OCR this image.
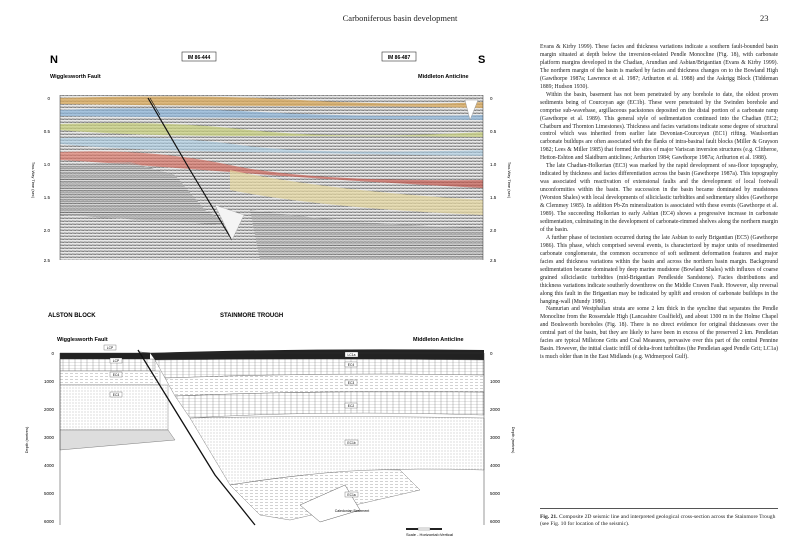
Carboniferous basin development	23
N	S
IM 86-444	IM 86-487
Wigglesworth Fault	Middleton Anticline
0
0.5
1.0
1.5
2.0
2.5
Two-Way Time (sec)
0
0.5
1.0
1.5
2.0
2.5
Two-Way Time (sec)
ALSTON BLOCK	STAINMORE TROUGH
Wigglesworth Fault	Middleton Anticline
LCP
LC1a
EC4
EC3
EC2
EC1b
EC1a
LCP
EC4
EC3
Caledonian Basement
0
1000
2000
3000
4000
5000
6000
Depth (metres)
0
1000
2000
3000
4000
5000
6000
Depth (metres)
Scale - Horizontal=Vertical

Evans & Kirby 1999). These facies and thickness variations indicate a southern fault-bounded basin margin situated at depth below the inversion-related Pendle Monocline (Fig. 18), with carbonate platform margins developed in the Chadian, Arundian and Asbian/Brigantian (Evans & Kirby 1999). The northern margin of the basin is marked by facies and thickness changes on to the Bowland High (Gawthorpe 1987a; Lawrence et al. 1987; Arthurton et al. 1988) and the Askrigg Block (Tiddeman 1889; Hudson 1930).

Within the basin, basement has not been penetrated by any borehole to date, the oldest proven sediments being of Courceyan age (EC1b). These were penetrated by the Swinden borehole and comprise sub-wavebase, argillaceous packstones deposited on the distal portion of a carbonate ramp (Gawthorpe et al. 1989). This general style of sedimentation continued into the Chadian (EC2; Chatburn and Thornton Limestones). Thickness and facies variations indicate some degree of structural control which was inherited from earlier late Devonian-Courceyan (EC1) rifting. Waulsortian carbonate buildups are often associated with the flanks of intra-basinal fault blocks (Miller & Grayson 1982; Lees & Miller 1985) that formed the sites of major Variscan inversion structures (e.g. Clitheroe, Hetton-Eshton and Slaidburn anticlines; Arthurton 1984; Gawthorpe 1987a; Arthurton et al. 1988).

The late Chadian-Holkerian (EC3) was marked by the rapid development of sea-floor topography, indicated by thickness and facies differentiation across the basin (Gawthorpe 1987a). This topography was associated with reactivation of extensional faults and the development of local footwall unconformities within the basin. The succession in the basin became dominated by mudstones (Worston Shales) with local developments of siliciclastic turbidites and sedimentary slides (Gawthorpe & Clemmey 1985). In addition Pb-Zn mineralization is associated with these events (Gawthorpe et al. 1989). The succeeding Holkerian to early Asbian (EC4) shows a progressive increase in carbonate sedimentation, culminating in the development of carbonate-rimmed shelves along the northern margin of the basin.

A further phase of tectonism occurred during the late Asbian to early Brigantian (EC5) (Gawthorpe 1986). This phase, which comprised several events, is characterized by major units of resedimented carbonate conglomerate, the common occurrence of soft sediment deformation features and major facies and thickness variations within the basin and across the northern basin margin. Background sedimentation became dominated by deep marine mudstone (Bowland Shales) with influxes of coarse grained siliciclastic turbidites (mid-Brigantian Pendleside Sandstone). Facies distributions and thickness variations indicate southerly downthrow on the Middle Craven Fault. However, slip reversal along this fault in the Brigantian may be indicated by uplift and erosion of carbonate buildups in the hanging-wall (Mundy 1980).

Namurian and Westphalian strata are some 2 km thick in the syncline that separates the Pendle Monocline from the Rossendale High (Lancashire Coalfield), and about 1300 m in the Holme Chapel and Boulsworth boreholes (Fig. 18). There is no direct evidence for original thicknesses over the central part of the basin, but they are likely to have been in excess of the preserved 2 km. Pendleian facies are typical Millstone Grits and Coal Measures, pervasive over this part of the central Pennine Basin. However, the initial clastic infill of delta-front turbidites (the Pendleian aged Pendle Grit; LC1a) is much older than in the East Midlands (e.g. Widmerpool Gulf).

Fig. 21. Composite 2D seismic line and interpreted geological cross-section across the Stainmore Trough (see Fig. 10 for location of the seismic).
